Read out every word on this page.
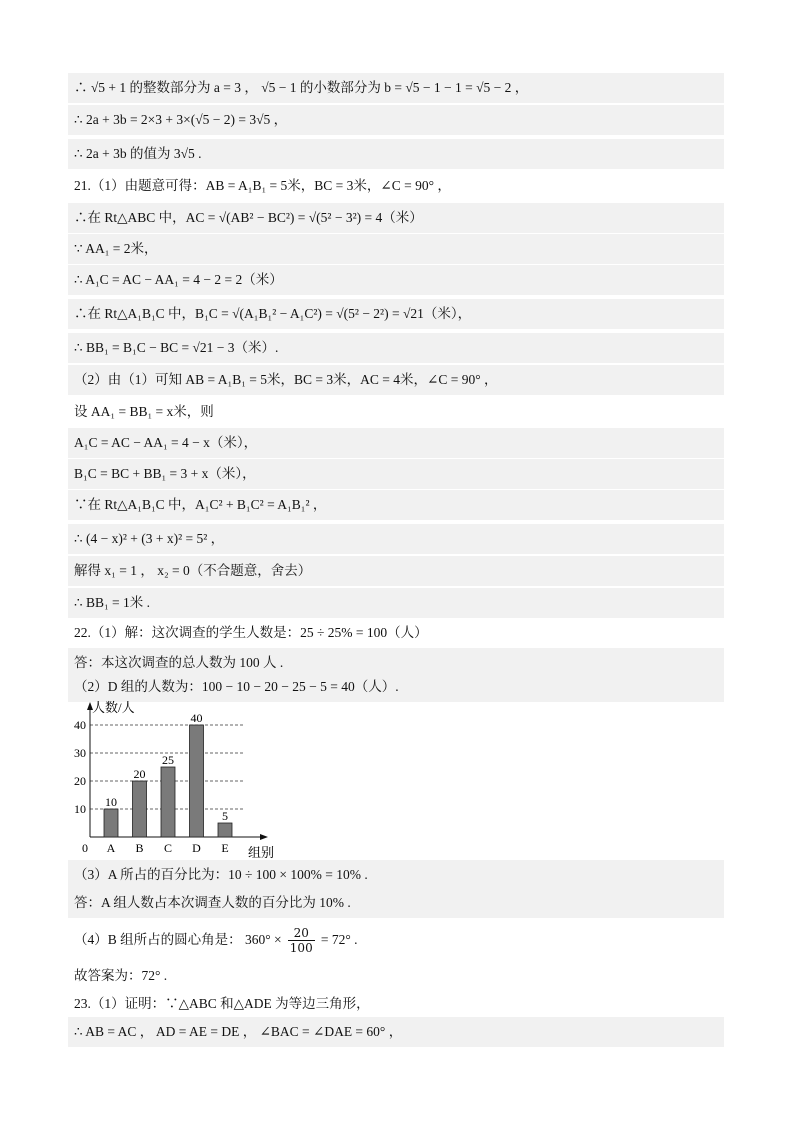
∴ √5 + 1 的整数部分为 a = 3 ， √5 − 1 的小数部分为 b = √5 − 1 − 1 = √5 − 2 ，
∴ 2a + 3b = 2×3 + 3×(√5 − 2) = 3√5 ，
∴ 2a + 3b 的值为 3√5 .
21.（1）由题意可得：AB = A₁B₁ = 5米，BC = 3米，∠C = 90° ，
∴在 Rt△ABC 中，AC = √(AB² − BC²) = √(5² − 3²) = 4（米）
∵ AA₁ = 2米，
∴ A₁C = AC − AA₁ = 4 − 2 = 2（米）
∴在 Rt△A₁B₁C 中，B₁C = √(A₁B₁² − A₁C²) = √(5² − 2²) = √21（米），
∴ BB₁ = B₁C − BC = √21 − 3（米）.
（2）由（1）可知 AB = A₁B₁ = 5米，BC = 3米，AC = 4米，∠C = 90° ，
设 AA₁ = BB₁ = x米，则
A₁C = AC − AA₁ = 4 − x（米），
B₁C = BC + BB₁ = 3 + x（米），
∵在 Rt△A₁B₁C 中，A₁C² + B₁C² = A₁B₁² ，
∴ (4 − x)² + (3 + x)² = 5² ，
解得 x₁ = 1 ， x₂ = 0（不合题意，舍去）
∴ BB₁ = 1米 .
22.（1）解：这次调查的学生人数是：25 ÷ 25% = 100（人）
答：本这次调查的总人数为 100 人 .
（2）D 组的人数为：100 − 10 − 20 − 25 − 5 = 40（人）.
（3）A 所占的百分比为：10 ÷ 100 × 100% = 10% .
答：A 组人数占本次调查人数的百分比为 10% .
故答案为：72° .
23.（1）证明：∵△ABC 和△ADE 为等边三角形，
∴ AB = AC ， AD = AE = DE ， ∠BAC = ∠DAE = 60° ，
（4）B 组所占的圆心角是： $360^\circ \times \frac{20}{100} = 72^\circ$ .
人数/人
组别
0
10
20
30
40
10
A
20
B
25
C
40
D
5
E
